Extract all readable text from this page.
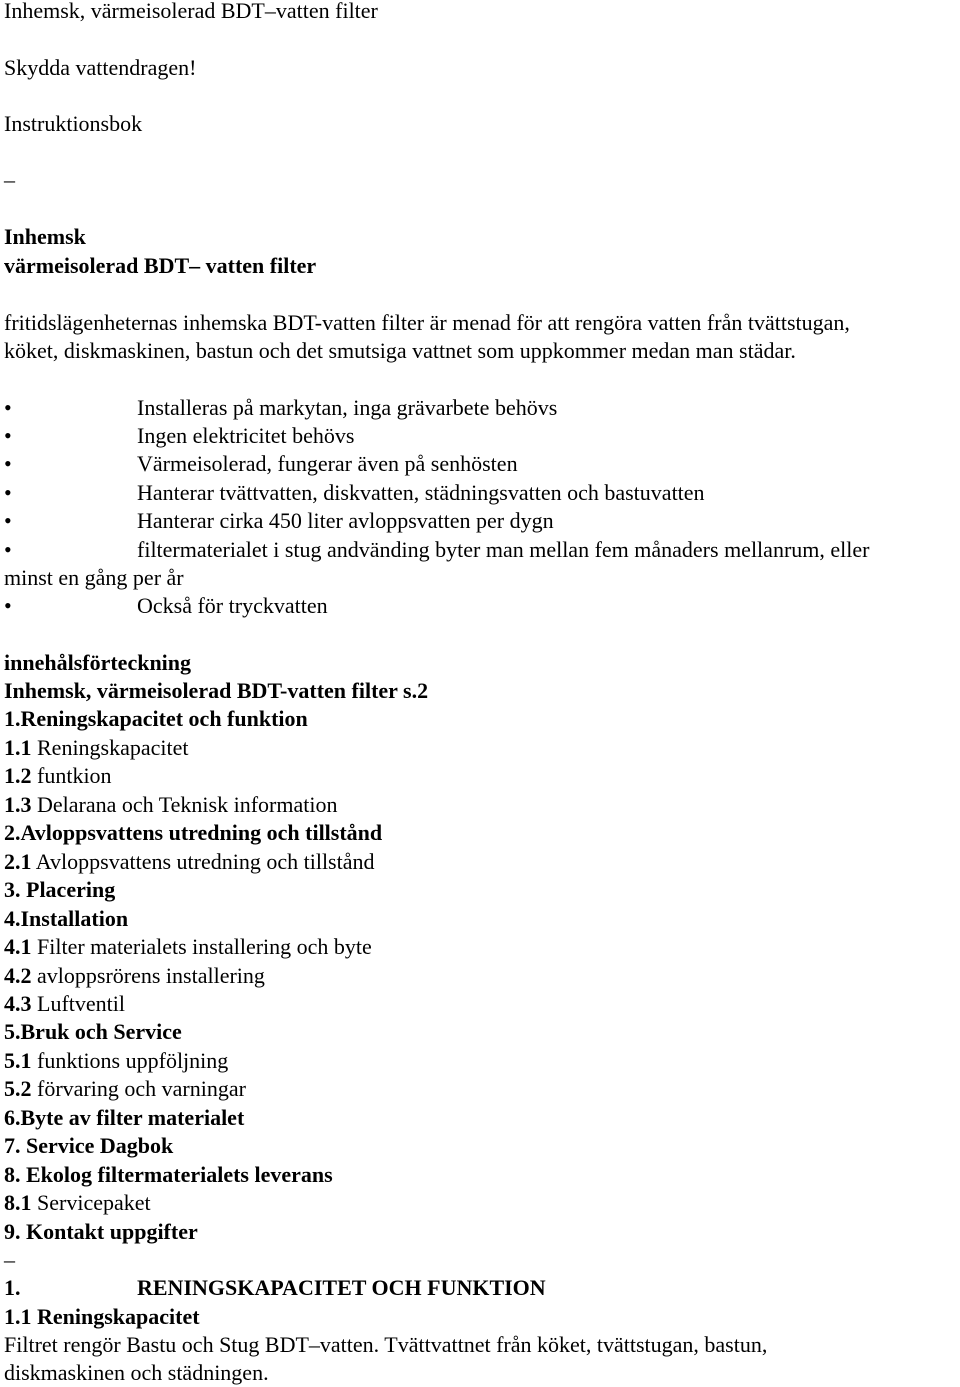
Inhemsk, värmeisolerad BDT–vatten filter
Skydda vattendragen!
Instruktionsbok
–
Inhemsk
värmeisolerad BDT– vatten filter
fritidslägenheternas inhemska BDT-vatten filter är menad för att rengöra vatten från tvättstugan,
köket, diskmaskinen, bastun och det smutsiga vattnet som uppkommer medan man städar.
•	Installeras på markytan, inga grävarbete behövs
•	Ingen elektricitet behövs
•	Värmeisolerad, fungerar även på senhösten
•	Hanterar tvättvatten, diskvatten, städningsvatten och bastuvatten
•	Hanterar cirka 450 liter avloppsvatten per dygn
•	filtermaterialet i stug andvänding byter man mellan fem månaders mellanrum, eller
minst en gång per år
•	Också för tryckvatten
innehålsförteckning
Inhemsk, värmeisolerad BDT-vatten filter s.2
1.Reningskapacitet och funktion
1.1 Reningskapacitet
1.2 funtkion
1.3 Delarana och Teknisk information
2.Avloppsvattens utredning och tillstånd
2.1 Avloppsvattens utredning och tillstånd
3. Placering
4.Installation
4.1 Filter materialets installering och byte
4.2 avloppsrörens installering
4.3 Luftventil
5.Bruk och Service
5.1 funktions uppföljning
5.2 förvaring och varningar
6.Byte av filter materialet
7. Service Dagbok
8. Ekolog filtermaterialets leverans
8.1 Servicepaket
9. Kontakt uppgifter
–
1.	RENINGSKAPACITET OCH FUNKTION
1.1 Reningskapacitet
Filtret rengör Bastu och Stug BDT–vatten. Tvättvattnet från köket, tvättstugan, bastun,
diskmaskinen och städningen.
